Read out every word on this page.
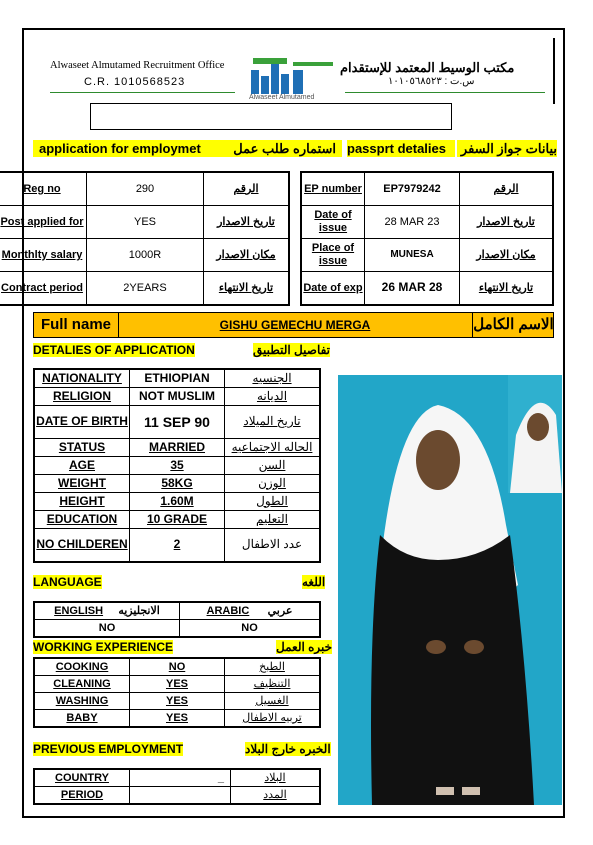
Alwaseet Almutamed Recruitment Office
C.R. 1010568523
Alwaseet Almutamed
مكتب الوسيط المعتمد للإستقدام
س.ت : ١٠١٠٥٦٨٥٢٣
application for employmet استماره طلب عمل passprt detalies	بيانات جواز السفر
Reg no	290	الرقم
Post applied for	YES	تاريخ الاصدار
Monthlty salary	1000R	مكان الاصدار
Contract period	2YEARS	تاريخ الانتهاء
EP number	EP7979242	الرقم
Date of issue	28 MAR 23	تاريخ الاصدار
Place of issue	MUNESA	مكان الاصدار
Date of exp	26 MAR 28	تاريخ الانتهاء
Full name	GISHU GEMECHU MERGA	الاسم الكامل
DETALIES OF APPLICATION	تفاصيل التطبيق
NATIONALITY	ETHIOPIAN	الجنسيه
RELIGION	NOT MUSLIM	الديانه
DATE OF BIRTH	11 SEP 90	تاريخ الميلاد
STATUS	MARRIED	الحاله الاجتماعيه
AGE	35	السن
WEIGHT	58KG	الوزن
HEIGHT	1.60M	الطول
EDUCATION	10 GRADE	التعليم
NO CHILDEREN	2	عدد الاطفال
LANGUAGE	اللغه
ENGLISH الانجليزيه	ARABIC عربي
NO	NO
WORKING EXPERIENCE	خبره العمل
COOKING	NO	الطبخ
CLEANING	YES	التنظيف
WASHING	YES	الغسيل
BABY	YES	تربيه الاطفال
PREVIOUS EMPLOYMENT	الخبره خارج البلاد
COUNTRY	_	البلاد
PERIOD		المدد
